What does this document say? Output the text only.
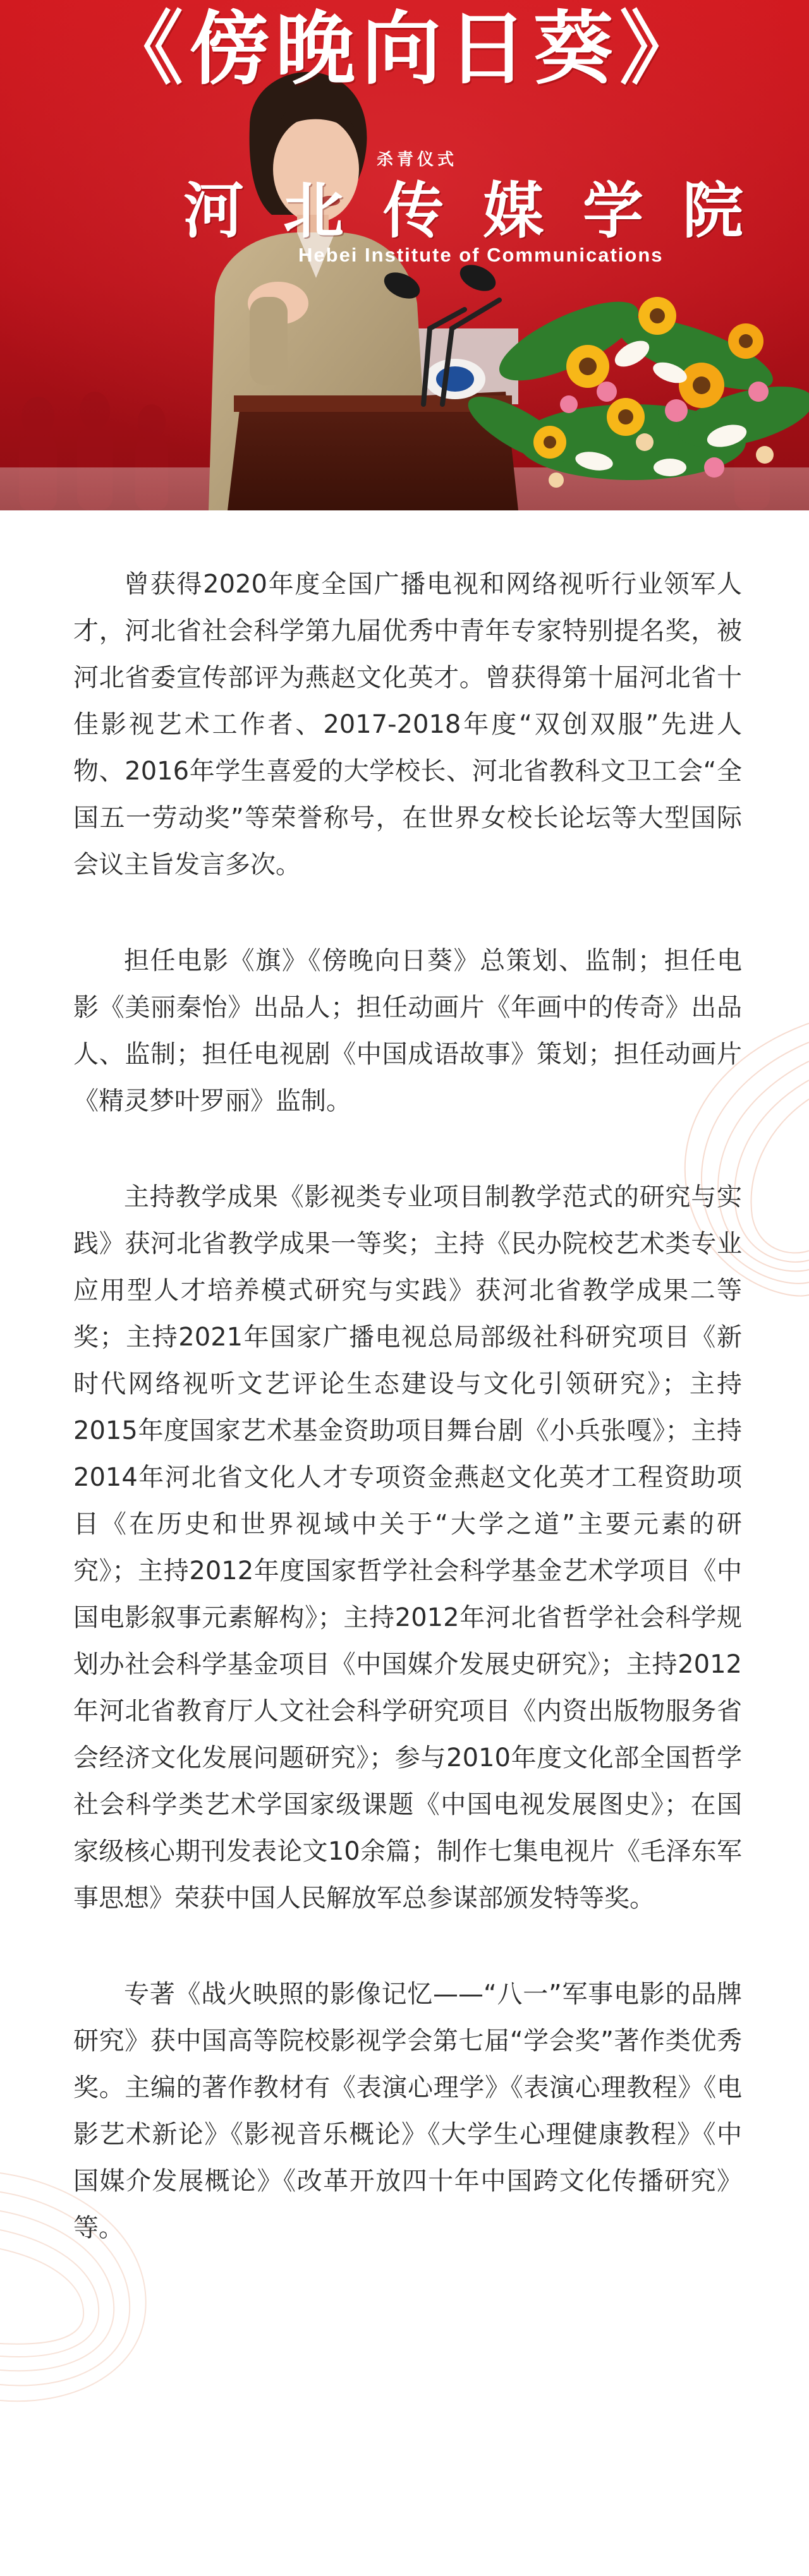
《傍晚向日葵》
杀青仪式
河北传媒学院
Hebei Institute of Communications

曾获得2020年度全国广播电视和网络视听行业领军人才，河北省社会科学第九届优秀中青年专家特别提名奖，被河北省委宣传部评为燕赵文化英才。曾获得第十届河北省十佳影视艺术工作者、2017-2018年度“双创双服”先进人物、2016年学生喜爱的大学校长、河北省教科文卫工会“全国五一劳动奖”等荣誉称号，在世界女校长论坛等大型国际会议主旨发言多次。

担任电影《旗》《傍晚向日葵》总策划、监制；担任电影《美丽秦怡》出品人；担任动画片《年画中的传奇》出品人、监制；担任电视剧《中国成语故事》策划；担任动画片《精灵梦叶罗丽》监制。

主持教学成果《影视类专业项目制教学范式的研究与实践》获河北省教学成果一等奖；主持《民办院校艺术类专业应用型人才培养模式研究与实践》获河北省教学成果二等奖；主持2021年国家广播电视总局部级社科研究项目《新时代网络视听文艺评论生态建设与文化引领研究》；主持2015年度国家艺术基金资助项目舞台剧《小兵张嘎》；主持2014年河北省文化人才专项资金燕赵文化英才工程资助项目《在历史和世界视域中关于“大学之道”主要元素的研究》；主持2012年度国家哲学社会科学基金艺术学项目《中国电影叙事元素解构》；主持2012年河北省哲学社会科学规划办社会科学基金项目《中国媒介发展史研究》；主持2012年河北省教育厅人文社会科学研究项目《内资出版物服务省会经济文化发展问题研究》；参与2010年度文化部全国哲学社会科学类艺术学国家级课题《中国电视发展图史》；在国家级核心期刊发表论文10余篇；制作七集电视片《毛泽东军事思想》荣获中国人民解放军总参谋部颁发特等奖。

专著《战火映照的影像记忆——“八一”军事电影的品牌研究》获中国高等院校影视学会第七届“学会奖”著作类优秀奖。主编的著作教材有《表演心理学》《表演心理教程》《电影艺术新论》《影视音乐概论》《大学生心理健康教程》《中国媒介发展概论》《改革开放四十年中国跨文化传播研究》等。
